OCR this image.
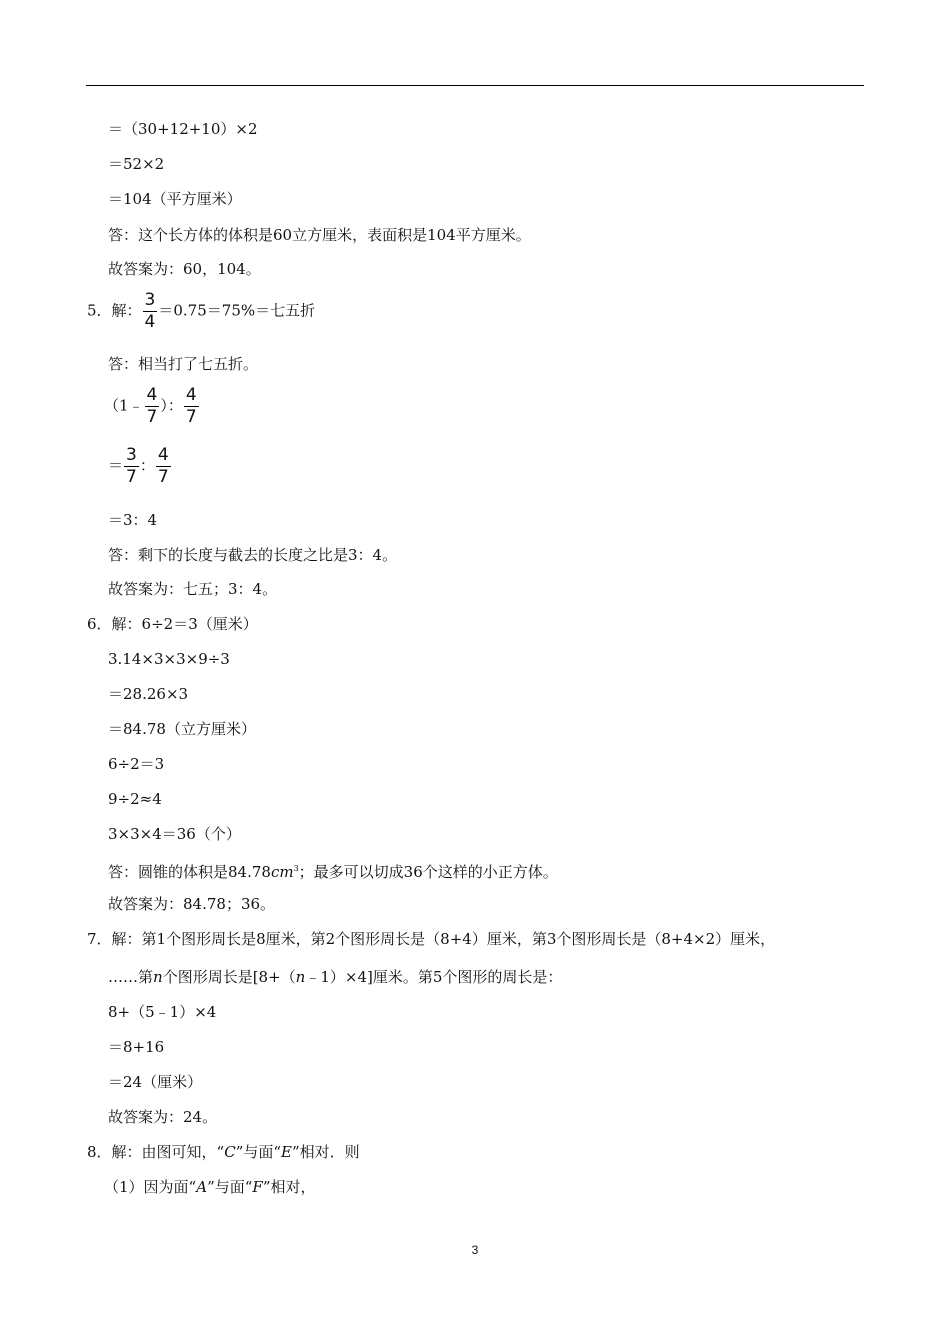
＝（30+12+10）×2
＝52×2
＝104（平方厘米）
答：这个长方体的体积是60立方厘米，表面积是104平方厘米。
故答案为：60，104。
5．解： $\frac{3}{4} =0.75=75\%=$七五折
答：相当打了七五折。
（1﹣ $\frac{4}{7}$ ）： $\frac{4}{7}$
＝ $\frac{3}{7}$ ： $\frac{4}{7}$
＝3：4
答：剩下的长度与截去的长度之比是3：4。
故答案为：七五；3：4。
6．解：6÷2＝3（厘米）
3.14×3×3×9÷3
＝28.26×3
＝84.78（立方厘米）
6÷2＝3
9÷2≈4
3×3×4＝36（个）
答：圆锥的体积是$84.78cm^3$；最多可以切成36个这样的小正方体。
故答案为：84.78；36。
7．解：第1个图形周长是8厘米，第2个图形周长是（8+4）厘米，第3个图形周长是（8+4×2）厘米，
……第n个图形周长是[8+（n﹣1）×4]厘米。第5个图形的周长是：
8+（5﹣1）×4
＝8+16
＝24（厘米）
故答案为：24。
8．解：由图可知，“C”与面“E”相对．则
（1）因为面“A”与面“F”相对，
3
